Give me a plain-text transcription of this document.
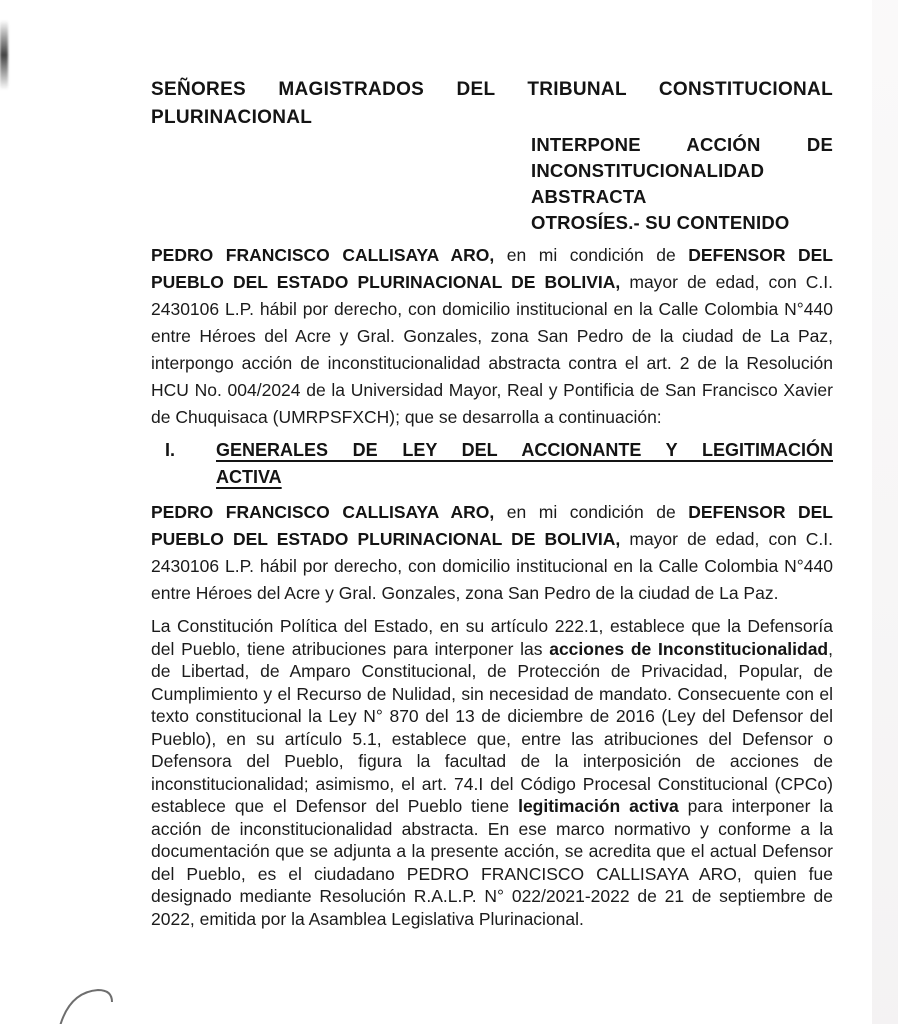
SEÑORES MAGISTRADOS DEL TRIBUNAL CONSTITUCIONAL
PLURINACIONAL
INTERPONE ACCIÓN DE
INCONSTITUCIONALIDAD
ABSTRACTA
OTROSÍES.- SU CONTENIDO

PEDRO FRANCISCO CALLISAYA ARO, en mi condición de DEFENSOR DEL PUEBLO DEL ESTADO PLURINACIONAL DE BOLIVIA, mayor de edad, con C.I. 2430106 L.P. hábil por derecho, con domicilio institucional en la Calle Colombia N°440 entre Héroes del Acre y Gral. Gonzales, zona San Pedro de la ciudad de La Paz, interpongo acción de inconstitucionalidad abstracta contra el art. 2 de la Resolución HCU No. 004/2024 de la Universidad Mayor, Real y Pontificia de San Francisco Xavier de Chuquisaca (UMRPSFXCH); que se desarrolla a continuación:

I.	GENERALES DE LEY DEL ACCIONANTE Y LEGITIMACIÓN
ACTIVA

PEDRO FRANCISCO CALLISAYA ARO, en mi condición de DEFENSOR DEL PUEBLO DEL ESTADO PLURINACIONAL DE BOLIVIA, mayor de edad, con C.I. 2430106 L.P. hábil por derecho, con domicilio institucional en la Calle Colombia N°440 entre Héroes del Acre y Gral. Gonzales, zona San Pedro de la ciudad de La Paz.

La Constitución Política del Estado, en su artículo 222.1, establece que la Defensoría del Pueblo, tiene atribuciones para interponer las acciones de Inconstitucionalidad, de Libertad, de Amparo Constitucional, de Protección de Privacidad, Popular, de Cumplimiento y el Recurso de Nulidad, sin necesidad de mandato. Consecuente con el texto constitucional la Ley N° 870 del 13 de diciembre de 2016 (Ley del Defensor del Pueblo), en su artículo 5.1, establece que, entre las atribuciones del Defensor o Defensora del Pueblo, figura la facultad de la interposición de acciones de inconstitucionalidad; asimismo, el art. 74.I del Código Procesal Constitucional (CPCo) establece que el Defensor del Pueblo tiene legitimación activa para interponer la acción de inconstitucionalidad abstracta. En ese marco normativo y conforme a la documentación que se adjunta a la presente acción, se acredita que el actual Defensor del Pueblo, es el ciudadano PEDRO FRANCISCO CALLISAYA ARO, quien fue designado mediante Resolución R.A.L.P. N° 022/2021-2022 de 21 de septiembre de 2022, emitida por la Asamblea Legislativa Plurinacional.
